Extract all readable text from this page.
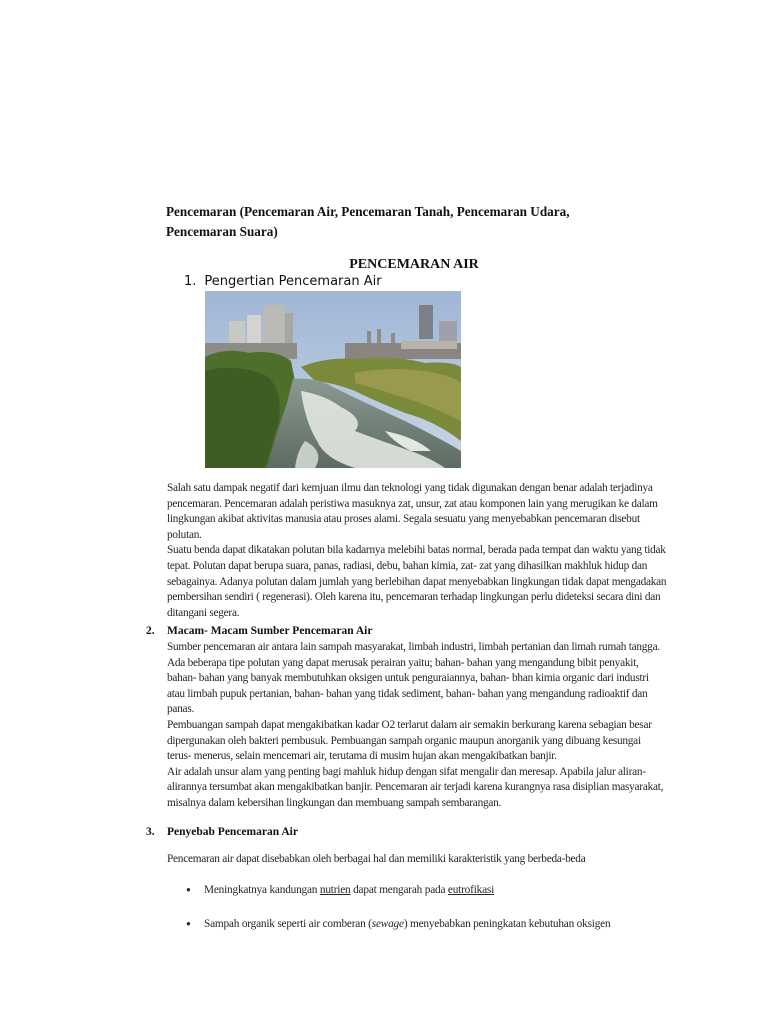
Pencemaran (Pencemaran Air, Pencemaran Tanah, Pencemaran Udara, Pencemaran Suara)
PENCEMARAN AIR
1. Pengertian Pencemaran Air

Salah satu dampak negatif dari kemjuan ilmu dan teknologi yang tidak digunakan dengan benar adalah terjadinya pencemaran. Pencemaran adalah peristiwa masuknya zat, unsur, zat atau komponen lain yang merugikan ke dalam lingkungan akibat aktivitas manusia atau proses alami. Segala sesuatu yang menyebabkan pencemaran disebut polutan.

Suatu benda dapat dikatakan polutan bila kadarnya melebihi batas normal, berada pada tempat dan waktu yang tidak tepat. Polutan dapat berupa suara, panas, radiasi, debu, bahan kimia, zat- zat yang dihasilkan makhluk hidup dan sebagainya. Adanya polutan dalam jumlah yang berlebihan dapat menyebabkan lingkungan tidak dapat mengadakan pembersihan sendiri ( regenerasi). Oleh karena itu, pencemaran terhadap lingkungan perlu dideteksi secara dini dan ditangani segera.

2. Macam- Macam Sumber Pencemaran Air

Sumber pencemaran air antara lain sampah masyarakat, limbah industri, limbah pertanian dan limah rumah tangga. Ada beberapa tipe polutan yang dapat merusak perairan yaitu; bahan- bahan yang mengandung bibit penyakit, bahan- bahan yang banyak membutuhkan oksigen untuk penguraiannya, bahan- bhan kimia organic dari industri atau limbah pupuk pertanian, bahan- bahan yang tidak sediment, bahan- bahan yang mengandung radioaktif dan panas.

Pembuangan sampah dapat mengakibatkan kadar O2 terlarut dalam air semakin berkurang karena sebagian besar dipergunakan oleh bakteri pembusuk. Pembuangan sampah organic maupun anorganik yang dibuang kesungai terus- menerus, selain mencemari air, terutama di musim hujan akan mengakibatkan banjir.

Air adalah unsur alam yang penting bagi mahluk hidup dengan sifat mengalir dan meresap. Apabila jalur aliran- alirannya tersumbat akan mengakibatkan banjir. Pencemaran air terjadi karena kurangnya rasa disiplian masyarakat, misalnya dalam kebersihan lingkungan dan membuang sampah sembarangan.

3. Penyebab Pencemaran Air
Pencemaran air dapat disebabkan oleh berbagai hal dan memiliki karakteristik yang berbeda-beda
● Meningkatnya kandungan nutrien dapat mengarah pada eutrofikasi
● Sampah organik seperti air comberan (sewage) menyebabkan peningkatan kebutuhan oksigen
